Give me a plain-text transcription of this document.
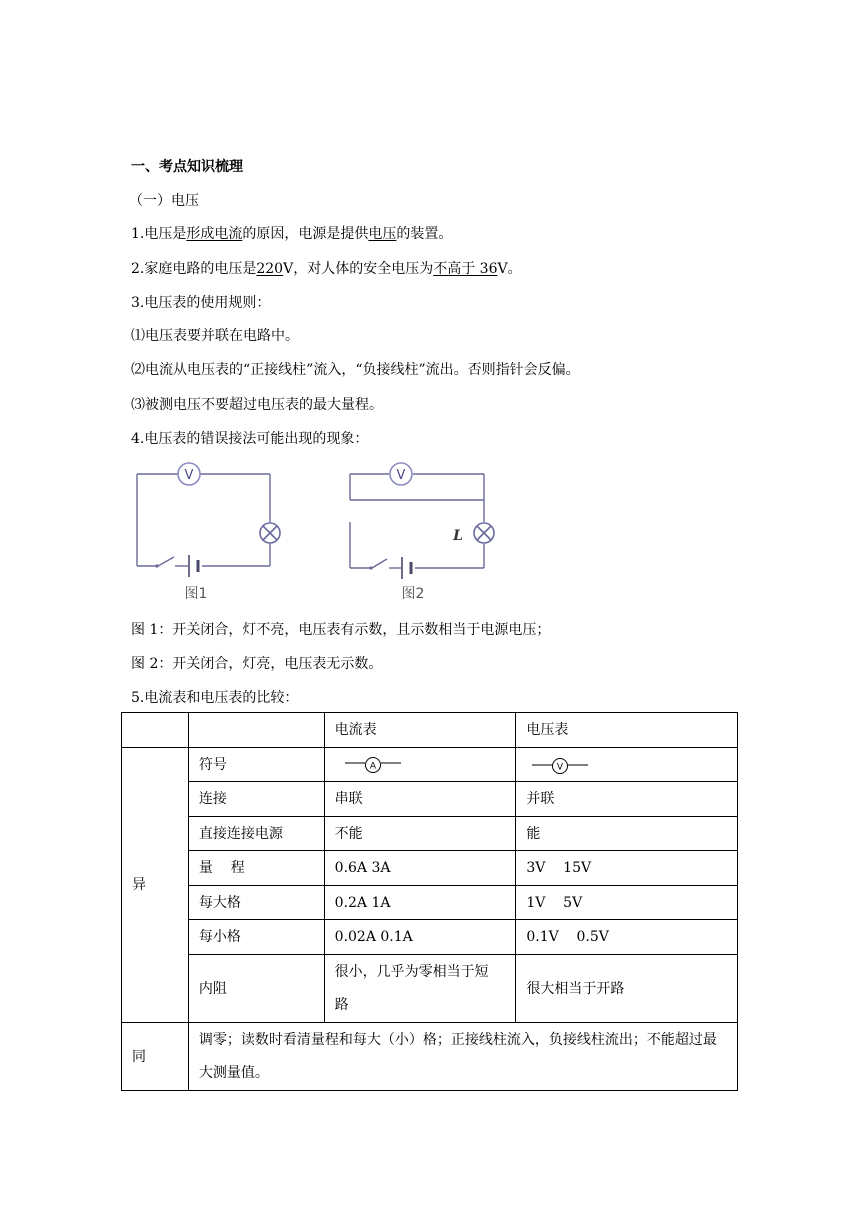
一、考点知识梳理
（一）电压
1.电压是形成电流的原因，电源是提供电压的装置。
2.家庭电路的电压是220V，对人体的安全电压为不高于 36V。
3.电压表的使用规则：
⑴电压表要并联在电路中。
⑵电流从电压表的“正接线柱”流入，“负接线柱”流出。否则指针会反偏。
⑶被测电压不要超过电压表的最大量程。
4.电压表的错误接法可能出现的现象：
V
图1
V
L
图2
图 1：开关闭合，灯不亮，电压表有示数，且示数相当于电源电压；
图 2：开关闭合，灯亮，电压表无示数。
5.电流表和电压表的比较：
		电流表	电压表
异	符号	A	V

	连接	串联	并联
	直接连接电源	不能	能
	量    程	0.6A 3A	3V    15V
	每大格	0.2A 1A	1V    5V
	每小格	0.02A 0.1A	0.1V    0.5V
	内阻	很小，几乎为零相当于短路	很大相当于开路
同	调零；读数时看清量程和每大（小）格；正接线柱流入，负接线柱流出；不能超过最大测量值。		
